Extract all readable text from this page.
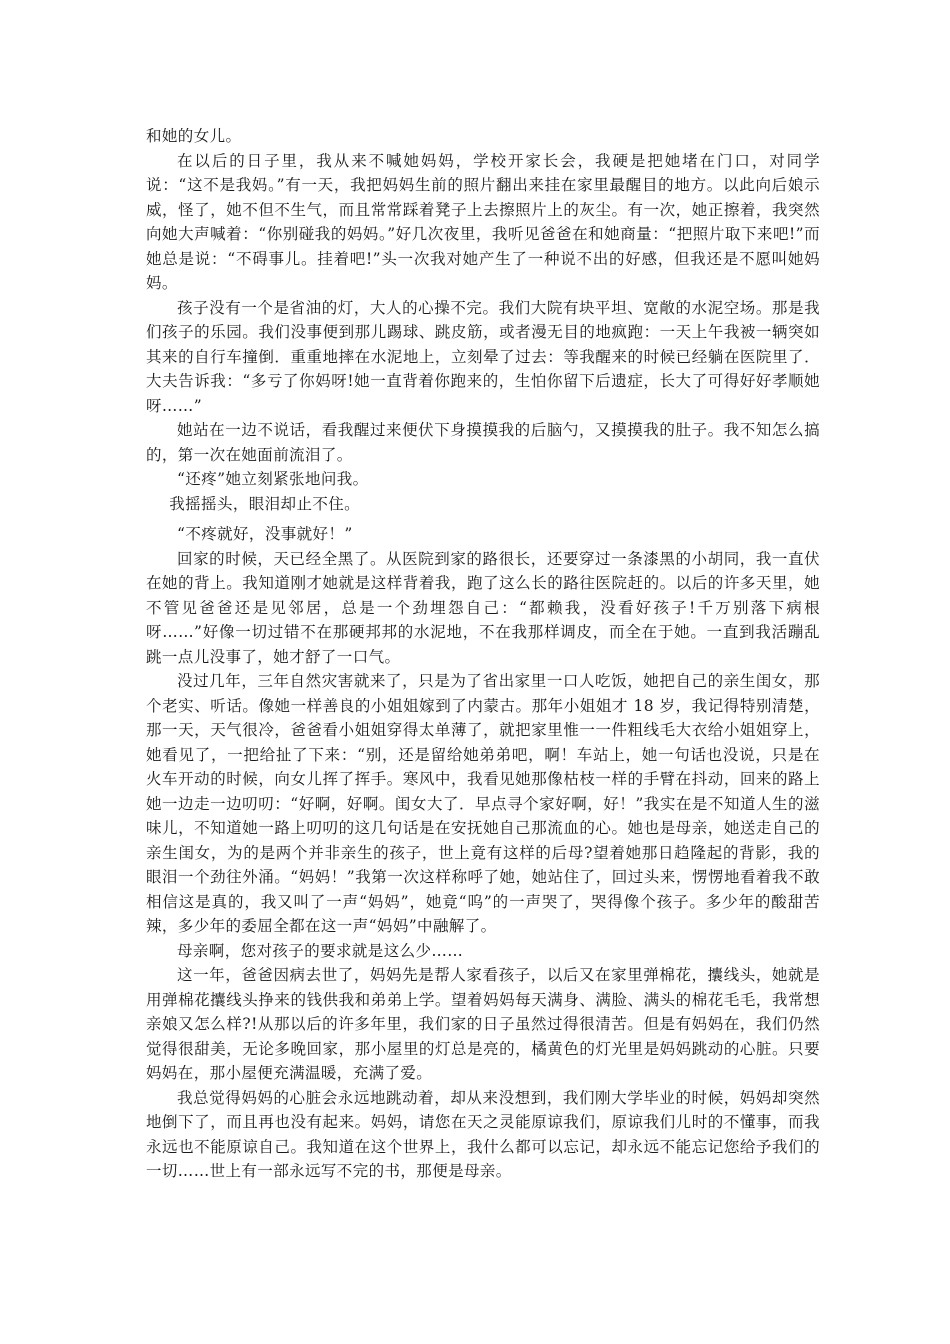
和她的女儿。

在以后的日子里，我从来不喊她妈妈，学校开家长会，我硬是把她堵在门口，对同学说：“这不是我妈。”有一天，我把妈妈生前的照片翻出来挂在家里最醒目的地方。以此向后娘示威，怪了，她不但不生气，而且常常踩着凳子上去擦照片上的灰尘。有一次，她正擦着，我突然向她大声喊着：“你别碰我的妈妈。”好几次夜里，我听见爸爸在和她商量：“把照片取下来吧!”而她总是说：“不碍事儿。挂着吧!”头一次我对她产生了一种说不出的好感，但我还是不愿叫她妈妈。

孩子没有一个是省油的灯，大人的心操不完。我们大院有块平坦、宽敞的水泥空场。那是我们孩子的乐园。我们没事便到那儿踢球、跳皮筋，或者漫无目的地疯跑：一天上午我被一辆突如其来的自行车撞倒．重重地摔在水泥地上，立刻晕了过去：等我醒来的时候已经躺在医院里了．大夫告诉我：“多亏了你妈呀!她一直背着你跑来的，生怕你留下后遗症，长大了可得好好孝顺她呀……”

她站在一边不说话，看我醒过来便伏下身摸摸我的后脑勺，又摸摸我的肚子。我不知怎么搞的，第一次在她面前流泪了。

“还疼”她立刻紧张地问我。

我摇摇头，眼泪却止不住。

“不疼就好，没事就好！”

回家的时候，天已经全黑了。从医院到家的路很长，还要穿过一条漆黑的小胡同，我一直伏在她的背上。我知道刚才她就是这样背着我，跑了这么长的路往医院赶的。以后的许多天里，她不管见爸爸还是见邻居，总是一个劲埋怨自己：“都赖我，没看好孩子!千万别落下病根呀……”好像一切过错不在那硬邦邦的水泥地，不在我那样调皮，而全在于她。一直到我活蹦乱跳一点儿没事了，她才舒了一口气。

没过几年，三年自然灾害就来了，只是为了省出家里一口人吃饭，她把自己的亲生闺女，那个老实、听话。像她一样善良的小姐姐嫁到了内蒙古。那年小姐姐才 18 岁，我记得特别清楚，那一天，天气很冷，爸爸看小姐姐穿得太单薄了，就把家里惟一一件粗线毛大衣给小姐姐穿上，她看见了，一把给扯了下来：“别，还是留给她弟弟吧，啊！车站上，她一句话也没说，只是在火车开动的时候，向女儿挥了挥手。寒风中，我看见她那像枯枝一样的手臂在抖动，回来的路上她一边走一边叨叨：“好啊，好啊。闺女大了．早点寻个家好啊，好！”我实在是不知道人生的滋味儿，不知道她一路上叨叨的这几句话是在安抚她自己那流血的心。她也是母亲，她送走自己的亲生闺女，为的是两个并非亲生的孩子，世上竟有这样的后母?望着她那日趋隆起的背影，我的眼泪一个劲往外涌。“妈妈！”我第一次这样称呼了她，她站住了，回过头来，愣愣地看着我不敢相信这是真的，我又叫了一声“妈妈”，她竟“呜”的一声哭了，哭得像个孩子。多少年的酸甜苦辣，多少年的委屈全都在这一声“妈妈”中融解了。

母亲啊，您对孩子的要求就是这么少……

这一年，爸爸因病去世了，妈妈先是帮人家看孩子，以后又在家里弹棉花，攮线头，她就是用弹棉花攮线头挣来的钱供我和弟弟上学。望着妈妈每天满身、满脸、满头的棉花毛毛，我常想亲娘又怎么样?!从那以后的许多年里，我们家的日子虽然过得很清苦。但是有妈妈在，我们仍然觉得很甜美，无论多晚回家，那小屋里的灯总是亮的，橘黄色的灯光里是妈妈跳动的心脏。只要妈妈在，那小屋便充满温暖，充满了爱。

我总觉得妈妈的心脏会永远地跳动着，却从来没想到，我们刚大学毕业的时候，妈妈却突然地倒下了，而且再也没有起来。妈妈，请您在天之灵能原谅我们，原谅我们儿时的不懂事，而我永远也不能原谅自己。我知道在这个世界上，我什么都可以忘记，却永远不能忘记您给予我们的一切……世上有一部永远写不完的书，那便是母亲。
